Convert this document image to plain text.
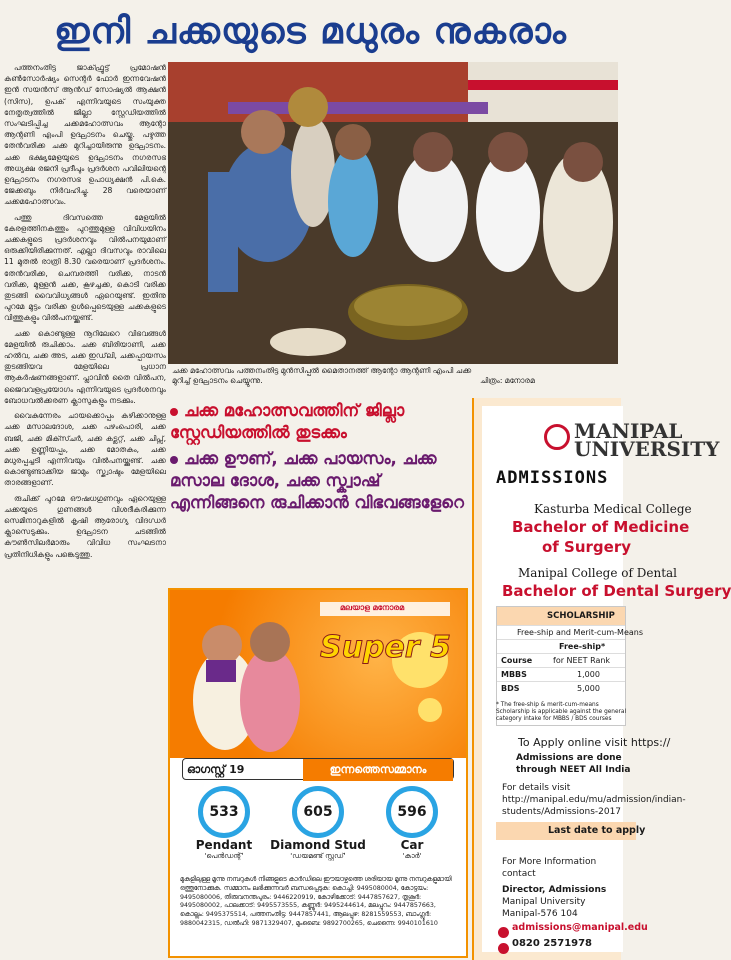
ഇനി ചക്കയുടെ മധുരം നുകരാം

പത്തനംതിട്ട ജാക്ഫ്രൂട്ട് പ്രമോഷൻ കൺസോർഷ്യം സെന്റർ ഫോർ ഇന്നവേഷൻ ഇൻ സയൻസ് ആൻഡ് സോഷ്യൽ ആക്ഷൻ (സിസ), ഉപക് എന്നിവയുടെ സംയുക്ത നേതൃത്വത്തിൽ ജില്ലാ സ്റ്റേഡിയത്തിൽ സംഘടിപ്പിച്ച ചക്കമഹോത്സവം ആന്റോ ആന്റണി എംപി ഉദ്ഘാടനം ചെയ്തു. പഴുത്ത തേൻവരിക്ക ചക്ക മുറിച്ചായിരുന്നു ഉദ്ഘാടനം. ചക്ക ഭക്ഷ്യമേളയുടെ ഉദ്ഘാടനം നഗരസഭ അധ്യക്ഷ രജനി പ്രദീപും പ്രദർശന പവിലിയന്റെ ഉദ്ഘാടനം നഗരസഭ ഉപാധ്യക്ഷൻ പി.കെ. ജേക്കബും നിർവഹിച്ചു. 28 വരെയാണ് ചക്കമഹോത്സവം.

പത്തു ദിവസത്തെ മേളയിൽ കേരളത്തിനകത്തും പുറത്തുമുള്ള വിവിധയിനം ചക്കകളുടെ പ്രദർശനവും വിൽപനയുമാണ് ഒരുക്കിയിരിക്കുന്നത്. എല്ലാ ദിവസവും രാവിലെ 11 മുതൽ രാത്രി 8.30 വരെയാണ് പ്രദർശനം. തേൻവരിക്ക, ചെമ്പരത്തി വരിക്ക, നാടൻ വരിക്ക, മുള്ളൻ ചക്ക, കൂഴച്ചക്ക, കൊടി വരിക്ക തുടങ്ങി വൈവിധ്യങ്ങൾ ഏറെയുണ്ട്. ഇതിനു പുറമേ മുട്ടം വരിക്ക ഉൾപ്പെടെയുള്ള ചക്കകളുടെ വിത്തുകളും വിൽപനയ്ക്കുണ്ട്.

ചക്ക കൊണ്ടുള്ള നൂറിലേറെ വിഭവങ്ങൾ മേളയിൽ രുചിക്കാം. ചക്ക ബിരിയാണി, ചക്ക ഹൽവ, ചക്ക അട, ചക്ക ഇഡ്‌ലി, ചക്കപ്പായസം തുടങ്ങിയവ മേളയിലെ പ്രധാന ആകർഷണങ്ങളാണ്. പ്ലാവിൻ തൈ വിൽപന, ജൈവവളപ്രയോഗം എന്നിവയുടെ പ്രദർശനവും ബോധവൽക്കരണ ക്ലാസുകളും നടക്കും.

വൈകുന്നേരം ചായക്കൊപ്പം കഴിക്കാനുള്ള ചക്ക മസാലദോശ, ചക്ക പഴംപൊരി, ചക്ക ബജി, ചക്ക മിക്സ്ചർ, ചക്ക കട്ലറ്റ്, ചക്ക ചിപ്സ്, ചക്ക ഉണ്ണിയപ്പം, ചക്ക മോതകം, ചക്ക മധുരപ്പച്ചടി എന്നിവയും വിൽപനയ്ക്കുണ്ട്. ചക്ക കൊണ്ടുണ്ടാക്കിയ ജാമും സ്ക്വാഷും മേളയിലെ താരങ്ങളാണ്.

രുചിക്ക് പുറമേ ഔഷധഗുണവും ഏറെയുള്ള ചക്കയുടെ ഗുണങ്ങൾ വിശദീകരിക്കുന്ന സെമിനാറുകളിൽ കൃഷി ആരോഗ്യ വിദഗ്ധർ ക്ലാസെടുക്കും. ഉദ്ഘാടന ചടങ്ങിൽ കൗൺസിലർമാരും വിവിധ സംഘടനാ പ്രതിനിധികളും പങ്കെടുത്തു.

ചക്ക മഹോത്സവം പത്തനംതിട്ട മുൻസിപ്പൽ മൈതാനത്ത് ആന്റോ ആന്റണി എംപി ചക്ക മുറിച്ച് ഉദ്ഘാടനം ചെയ്യുന്നു.	ചിത്രം: മനോരമ
ചക്ക മഹോത്സവത്തിന് ജില്ലാ സ്റ്റേഡിയത്തിൽ തുടക്കം
ചക്ക ഊണ്, ചക്ക പായസം, ചക്ക മസാല ദോശ, ചക്ക സ്ക്വാഷ് എന്നിങ്ങനെ രുചിക്കാൻ വിഭവങ്ങളേറെ
മലയാള മനോരമ
Super 5
ഓഗസ്റ്റ് 19	ഇന്നത്തെസമ്മാനം
533
Pendant
'പെൻഡന്റ്'
605
Diamond Stud
'ഡയമണ്ട് സ്റ്റഡ്'
596
Car
'കാർ'
മുകളിലുള്ള മൂന്നു നമ്പറുകൾ നിങ്ങളുടെ കാർഡിലെ ഈയാഴ്ചത്തെ ശരിയായ മൂന്നു നമ്പറുകളുമായി ഒത്തുനോക്കുക. സമ്മാനം ലഭിക്കുന്നവർ ബന്ധപ്പെടുക: കൊച്ചി: 9495080004, കോട്ടയം: 9495080006, തിരുവനന്തപുരം: 9446220919, കോഴിക്കോട്: 9447857627, തൃശൂർ: 9495080002, പാലക്കാട്: 9495573555, കണ്ണൂർ: 9495244614, മലപ്പുറം: 9447857663, കൊല്ലം: 9495375514, പത്തനംതിട്ട: 9447857441, ആലപ്പുഴ: 8281559553, ബാംഗ്ലൂർ: 9880042315, ഡൽഹി: 9871329407, മുംബൈ: 9892700265, ചെന്നൈ: 9940101610
MANIPAL UNIVERSITY
ADMISSIONS
Kasturba Medical College
Bachelor of Medicine
of Surgery
Manipal College of Dental
Bachelor of Dental Surgery
SCHOLARSHIP
Free-ship and Merit-cum-Means
Free-ship*
Course	for NEET Rank
MBBS	1,000
BDS	5,000
* The free-ship & merit-cum-means Scholarship is applicable against the general category intake for MBBS / BDS courses
To Apply online visit https://
Admissions are done through NEET All India
For details visit http://manipal.edu/mu/admission/indian-students/Admissions-2017
Last date to apply
For More Information contact
Director, Admissions
Manipal University
Manipal-576 104
admissions@manipal.edu
0820 2571978
